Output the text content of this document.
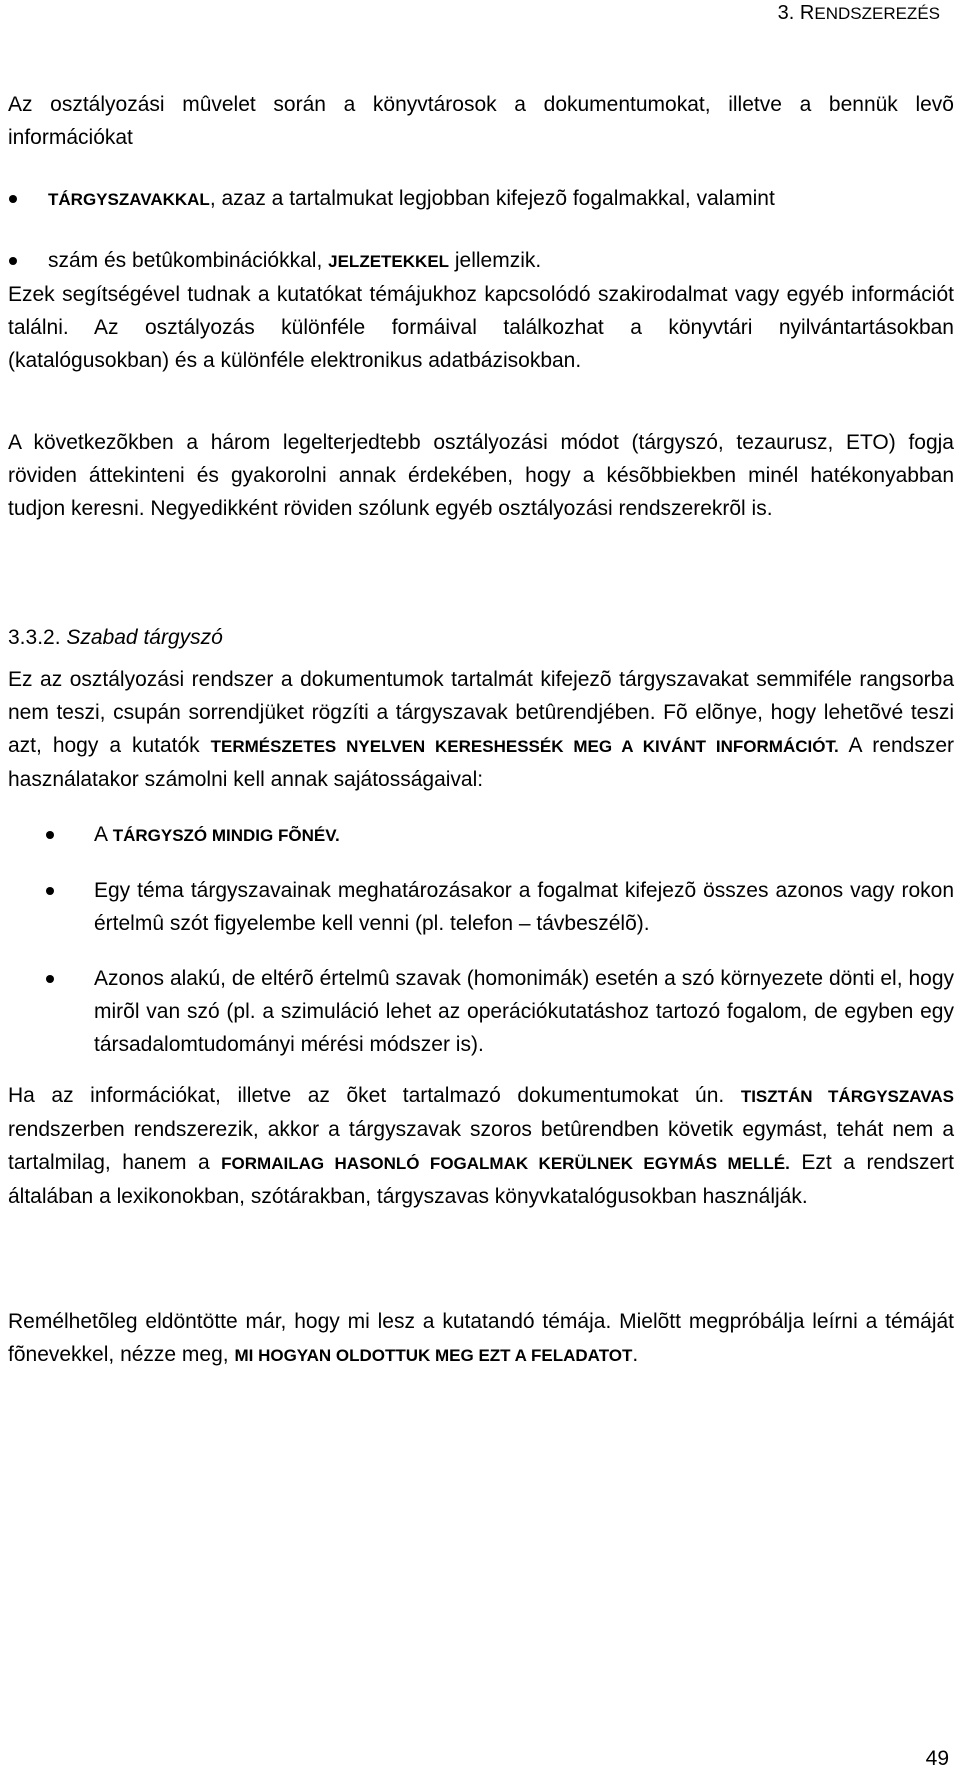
3. RENDSZEREZÉS

Az osztályozási mûvelet során a könyvtárosok a dokumentumokat, illetve a bennük levõ információkat

TÁRGYSZAVAKKAL, azaz a tartalmukat legjobban kifejezõ fogalmakkal, valamint
szám és betûkombinációkkal, JELZETEKKEL jellemzik.

Ezek segítségével tudnak a kutatókat témájukhoz kapcsolódó szakirodalmat vagy egyéb információt találni. Az osztályozás különféle formáival találkozhat a könyvtári nyilvántartásokban (katalógusokban) és a különféle elektronikus adatbázisokban.

A következõkben a három legelterjedtebb osztályozási módot (tárgyszó, tezaurusz, ETO) fogja röviden áttekinteni és gyakorolni annak érdekében, hogy a késõbbiekben minél hatékonyabban tudjon keresni. Negyedikként röviden szólunk egyéb osztályozási rendszerekrõl is.

3.3.2. Szabad tárgyszó

Ez az osztályozási rendszer a dokumentumok tartalmát kifejezõ tárgyszavakat semmiféle rangsorba nem teszi, csupán sorrendjüket rögzíti a tárgyszavak betûrendjében. Fõ elõnye, hogy lehetõvé teszi azt, hogy a kutatók TERMÉSZETES NYELVEN KERESHESSÉK MEG A KIVÁNT INFORMÁCIÓT. A rendszer használatakor számolni kell annak sajátosságaival:

A TÁRGYSZÓ MINDIG FÕNÉV.
Egy téma tárgyszavainak meghatározásakor a fogalmat kifejezõ összes azonos vagy rokon értelmû szót figyelembe kell venni (pl. telefon – távbeszélõ).
Azonos alakú, de eltérõ értelmû szavak (homonimák) esetén a szó környezete dönti el, hogy mirõl van szó (pl. a szimuláció lehet az operációkutatáshoz tartozó fogalom, de egyben egy társadalomtudományi mérési módszer is).

Ha az információkat, illetve az õket tartalmazó dokumentumokat ún. TISZTÁN TÁRGYSZAVAS rendszerben rendszerezik, akkor a tárgyszavak szoros betûrendben követik egymást, tehát nem a tartalmilag, hanem a FORMAILAG HASONLÓ FOGALMAK KERÜLNEK EGYMÁS MELLÉ. Ezt a rendszert általában a lexikonokban, szótárakban, tárgyszavas könyvkatalógusokban használják.

Remélhetõleg eldöntötte már, hogy mi lesz a kutatandó témája. Mielõtt megpróbálja leírni a témáját fõnevekkel, nézze meg, MI HOGYAN OLDOTTUK MEG EZT A FELADATOT.

49
